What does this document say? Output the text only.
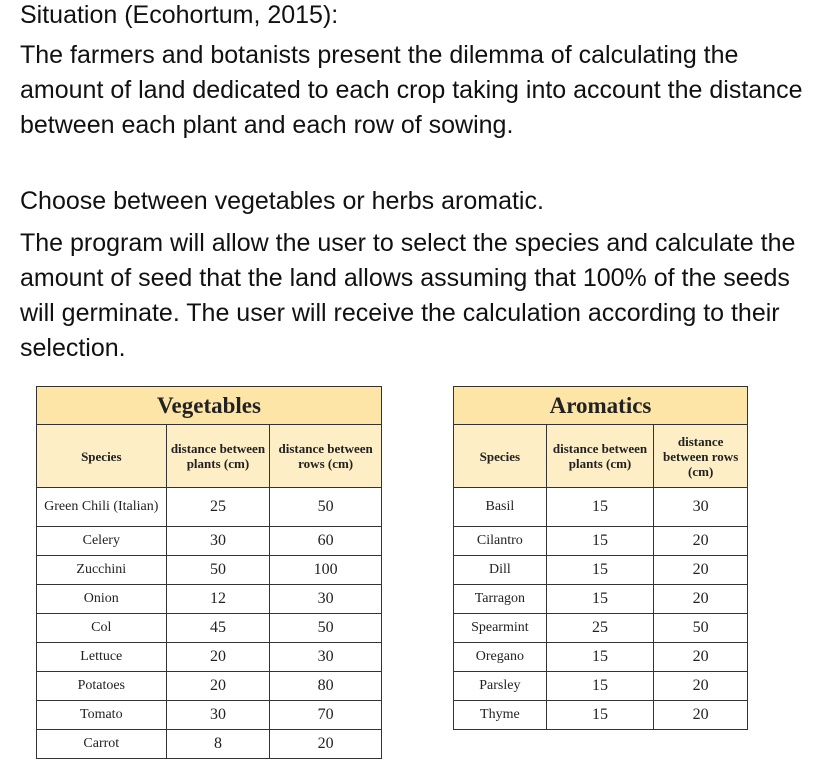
Situation (Ecohortum, 2015):
The farmers and botanists present the dilemma of calculating the amount of land dedicated to each crop taking into account the distance between each plant and each row of sowing.
Choose between vegetables or herbs aromatic.
The program will allow the user to select the species and calculate the amount of seed that the land allows assuming that 100% of the seeds will germinate. The user will receive the calculation according to their selection.
Vegetables		
Species	distance between plants (cm)	distance between rows (cm)
Green Chili (Italian)	25	50
Celery	30	60
Zucchini	50	100
Onion	12	30
Col	45	50
Lettuce	20	30
Potatoes	20	80
Tomato	30	70
Carrot	8	20
Aromatics		
Species	distance between plants (cm)	distance between rows (cm)
Basil	15	30
Cilantro	15	20
Dill	15	20
Tarragon	15	20
Spearmint	25	50
Oregano	15	20
Parsley	15	20
Thyme	15	20
